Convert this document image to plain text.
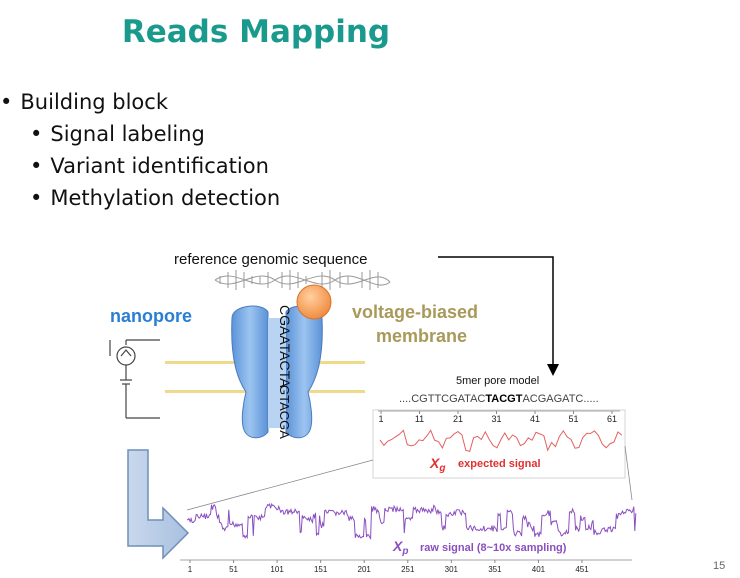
Reads Mapping
• Building block
• Signal labeling
• Variant identification
• Methylation detection
reference genomic sequence
nanopore	voltage-biased
membrane
CGAATACTA
GTACGA
5mer pore model
....CGTTCGATACTACGTACGAGATC.....
1	11	21	31	41	51	61
$X_g$ expected signal
$X_p$ raw signal (8~10x sampling)
1	51	101	151	201	251	301	351	401	451	15
